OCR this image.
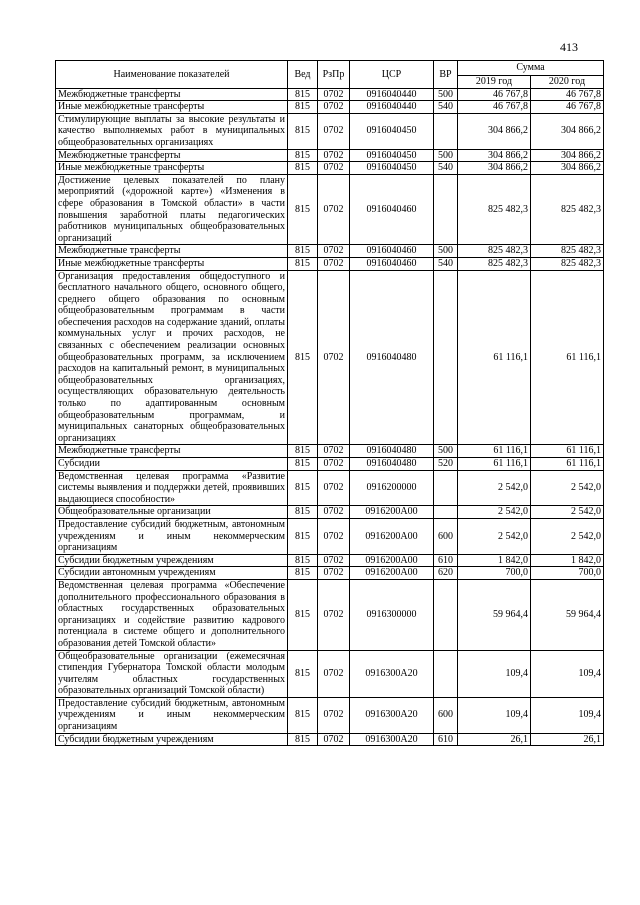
413
Наименование показателей	Вед	РзПр	ЦСР	ВР	Сумма	
					2019 год	2020 год
Межбюджетные трансферты	815	0702	0916040440	500	46 767,8	46 767,8
Иные межбюджетные трансферты	815	0702	0916040440	540	46 767,8	46 767,8
Стимулирующие выплаты за высокие результаты и качество выполняемых работ в муниципальных общеобразовательных организациях	815	0702	0916040450		304 866,2	304 866,2
Межбюджетные трансферты	815	0702	0916040450	500	304 866,2	304 866,2
Иные межбюджетные трансферты	815	0702	0916040450	540	304 866,2	304 866,2
Достижение целевых показателей по плану мероприятий («дорожной карте») «Изменения в сфере образования в Томской области» в части повышения заработной платы педагогических работников муниципальных общеобразовательных организаций	815	0702	0916040460		825 482,3	825 482,3
Межбюджетные трансферты	815	0702	0916040460	500	825 482,3	825 482,3
Иные межбюджетные трансферты	815	0702	0916040460	540	825 482,3	825 482,3
Организация предоставления общедоступного и бесплатного начального общего, основного общего, среднего общего образования по основным общеобразовательным программам в части обеспечения расходов на содержание зданий, оплаты коммунальных услуг и прочих расходов, не связанных с обеспечением реализации основных общеобразовательных программ, за исключением расходов на капитальный ремонт, в муниципальных общеобразовательных организациях, осуществляющих образовательную деятельность только по адаптированным основным общеобразовательным программам, и муниципальных санаторных общеобразовательных организациях	815	0702	0916040480		61 116,1	61 116,1
Межбюджетные трансферты	815	0702	0916040480	500	61 116,1	61 116,1
Субсидии	815	0702	0916040480	520	61 116,1	61 116,1
Ведомственная целевая программа «Развитие системы выявления и поддержки детей, проявивших выдающиеся способности»	815	0702	0916200000		2 542,0	2 542,0
Общеобразовательные организации	815	0702	0916200A00		2 542,0	2 542,0
Предоставление субсидий бюджетным, автономным учреждениям и иным некоммерческим организациям	815	0702	0916200A00	600	2 542,0	2 542,0
Субсидии бюджетным учреждениям	815	0702	0916200A00	610	1 842,0	1 842,0
Субсидии автономным учреждениям	815	0702	0916200A00	620	700,0	700,0
Ведомственная целевая программа «Обеспечение дополнительного профессионального образования в областных государственных образовательных организациях и содействие развитию кадрового потенциала в системе общего и дополнительного образования детей Томской области»	815	0702	0916300000		59 964,4	59 964,4
Общеобразовательные организации (ежемесячная стипендия Губернатора Томской области молодым учителям областных государственных образовательных организаций Томской области)	815	0702	0916300A20		109,4	109,4
Предоставление субсидий бюджетным, автономным учреждениям и иным некоммерческим организациям	815	0702	0916300A20	600	109,4	109,4
Субсидии бюджетным учреждениям	815	0702	0916300A20	610	26,1	26,1
